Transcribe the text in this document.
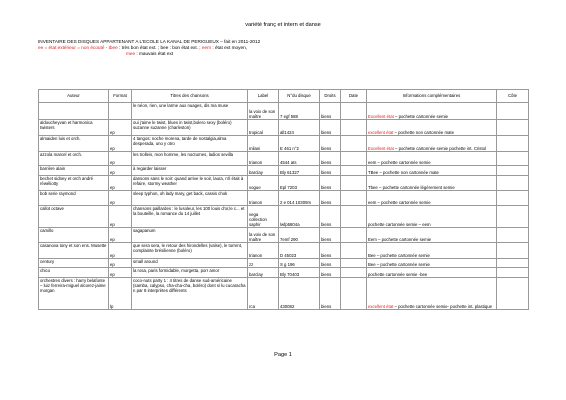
variété franç et intern et danse
INVENTAIRE DES DISQUES APPARTENANT A L'ECOLE LA KANAL DE PERIGUEUX – fait en 2011-2012
ee = état extérieur = non écouté - tbee : très bon état ext. ; bee : bon état ext. ; eem : état ext moyen,
mee : mauvais état ext
Auteur	Format	Titres des chansons	Label	N°du disque	Droits	Date	Informations complémentaires	Côte
		le néon, rien, une larme aux nuages, dis ma muse	la voix de son maître	7 egf 588	biens		Excellent état – pochette cartonnée semie	
aldoucheyvan et harmonica twisters	ep	oui j'aime le twist, blues in twist,bolero sexy (boléro) suzanne suzanne (charleston)	tropical	all1424	biens		excellent état – pochette non cartonnée mate	
almaiden luis et orch.	ep	4 tangos: noche morena, tarde de nostalgia,alma desperada, uno y otro	milani	E 461 n°2	biens		Excellent état – pochette cartonnée semie pochette int. Cristol	
azzola marcel et orch.	ep	les trolleis, mon homme, les nocturnes, ladios sevilla	trianon	4544 ats	biens		eem – pochette cartonnée semie	
barrière alain	ep	à regarder laisser	barclay	Bly 61327	biens		TBee – pochette non cartonnée mate	
bechet sidney et orch andré réwéliotty	ep	dansons sans le soir: quand arrive le soir, laura, n'il était à refaire, stormy weather	vogue	Epl 7203	biens		Tbee – pochette cartonnée légèrement semie	
bob serie raymond	ep	sleep typhon, oh lady mary, get back, cassis chok	trianon	2 e 014 10309m	biens		eem – pochette cartonnée semie	
callot octave	ep	chansons paillardes : le lusoleur, les 100 louis d'or,le c... et la bouteille, la romance du 14 juillet	vega collection saphir	lwfp5804a	biens		pochette cartonnée semie – eem	
camillo	ep	sagapanum	la voix de son maître	7emf 290	biens		Eem – pochette cartonnée semie	
casanova tony et son ens. Musette	ep	que sera sera, le retour des hirondelles (valse), le torrent, complainte brésilienne (boléro)	trianon	D 45023	biens		Bee – pochette cartonnée semie	
century	ep	small around	zz	S g 196	biens		Bee – pochette cartonnée semie	
chico	ep	la rosa, paris formidable, morgetta, porr amor	barclay	Bly 70403	biens		pochette cartonnée semie -bee	
orchestres divers : harry belafonte – luiz ferreira-miguel alcorez-jaime morgan	lp	coco-nuts party 1 : 4 titres de danse sud-américaine (samba, calypso, cha-cha-cha, boléro) dont si lu cucaracha n par 8 interprètes différents	rca	430082	biens		excellent état – pochette cartonnée semie- pochette int. plastique	
Page 1
